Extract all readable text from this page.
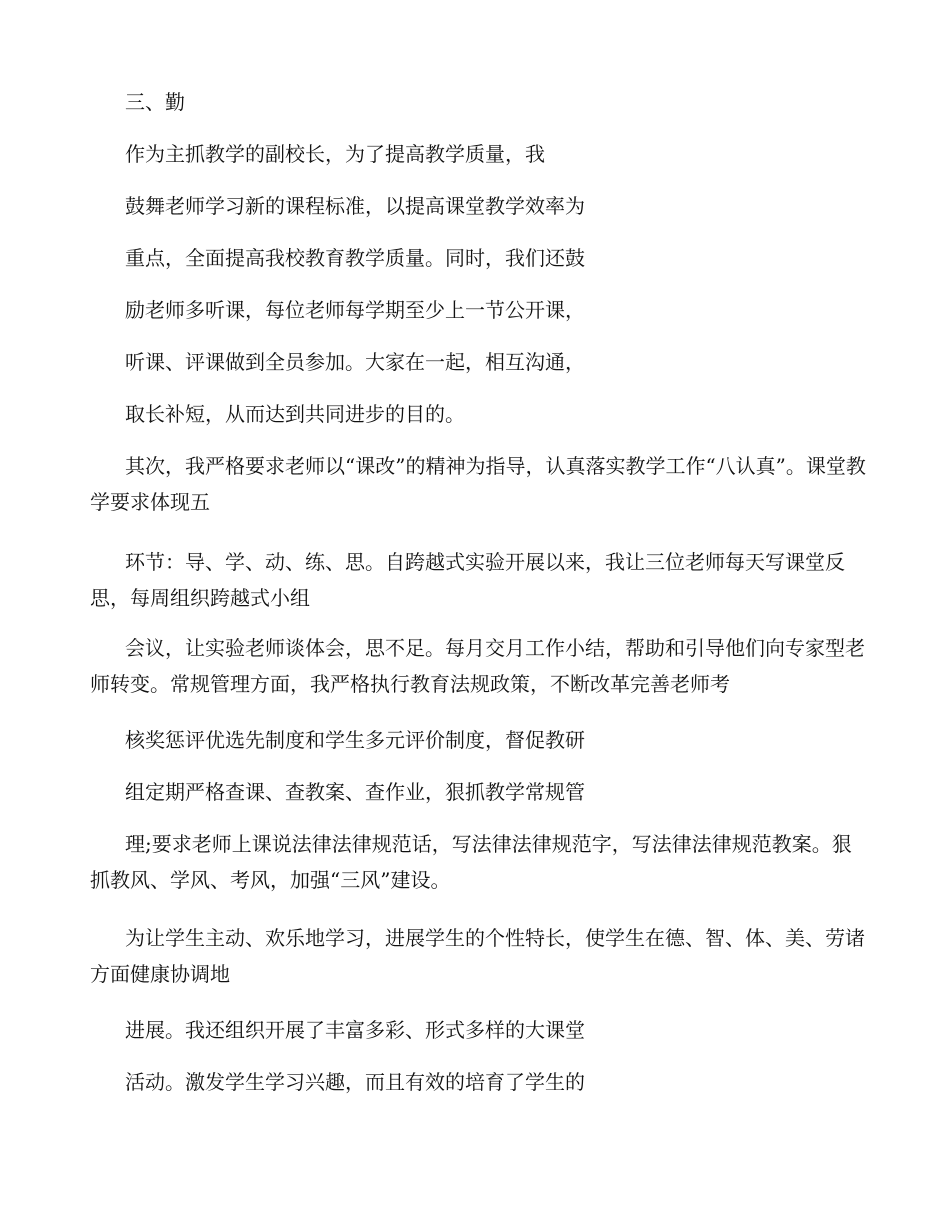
三、勤

作为主抓教学的副校长，为了提高教学质量，我

鼓舞老师学习新的课程标准，以提高课堂教学效率为

重点，全面提高我校教育教学质量。同时，我们还鼓

励老师多听课，每位老师每学期至少上一节公开课，

听课、评课做到全员参加。大家在一起，相互沟通，

取长补短，从而达到共同进步的目的。

其次，我严格要求老师以“课改”的精神为指导，认真落实教学工作“八认真”。课堂教学要求体现五

环节：导、学、动、练、思。自跨越式实验开展以来，我让三位老师每天写课堂反思，每周组织跨越式小组

会议，让实验老师谈体会，思不足。每月交月工作小结，帮助和引导他们向专家型老师转变。常规管理方面，我严格执行教育法规政策，不断改革完善老师考

核奖惩评优选先制度和学生多元评价制度，督促教研

组定期严格查课、查教案、查作业，狠抓教学常规管

理;要求老师上课说法律法律规范话，写法律法律规范字，写法律法律规范教案。狠抓教风、学风、考风，加强“三风”建设。

为让学生主动、欢乐地学习，进展学生的个性特长，使学生在德、智、体、美、劳诸方面健康协调地

进展。我还组织开展了丰富多彩、形式多样的大课堂

活动。激发学生学习兴趣，而且有效的培育了学生的
